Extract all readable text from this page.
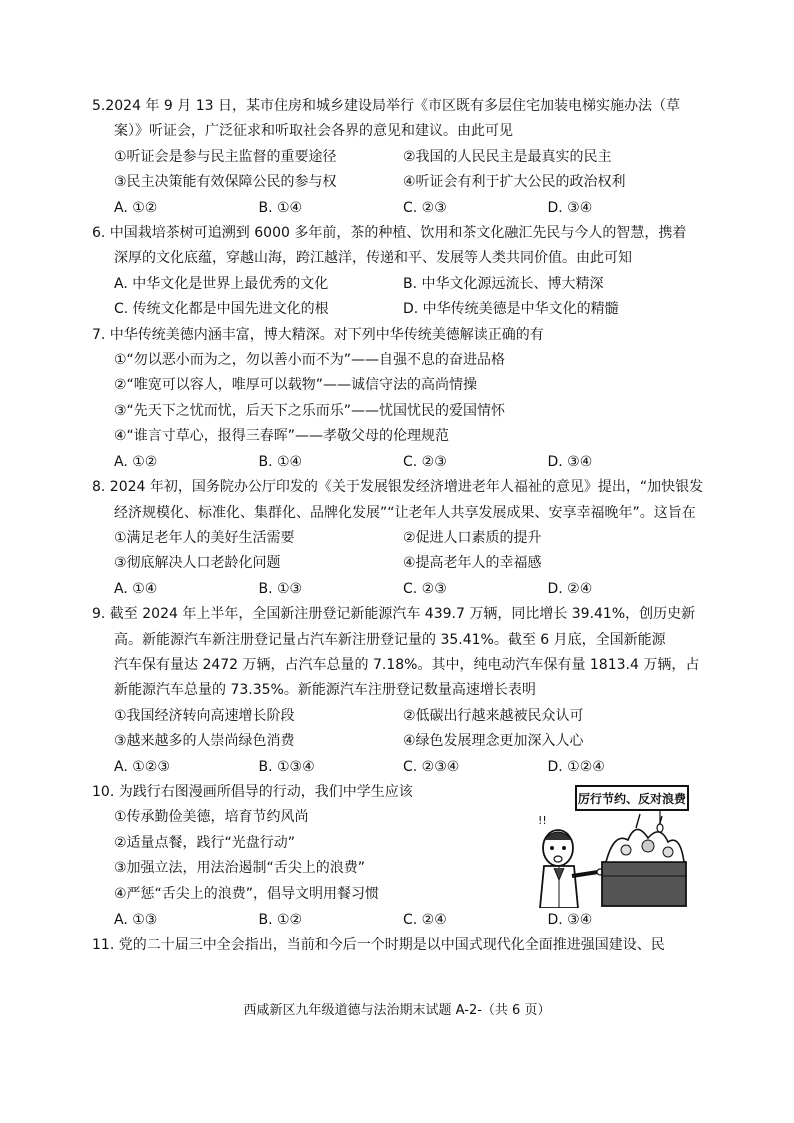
5.2024 年 9 月 13 日，某市住房和城乡建设局举行《市区既有多层住宅加装电梯实施办法（草
案）》听证会，广泛征求和听取社会各界的意见和建议。由此可见
①听证会是参与民主监督的重要途径	②我国的人民民主是最真实的民主
③民主决策能有效保障公民的参与权	④听证会有利于扩大公民的政治权利
A. ①②	B. ①④	C. ②③	D. ③④
6. 中国栽培茶树可追溯到 6000 多年前，茶的种植、饮用和茶文化融汇先民与今人的智慧，携着
深厚的文化底蕴，穿越山海，跨江越洋，传递和平、发展等人类共同价值。由此可知
A. 中华文化是世界上最优秀的文化	B. 中华文化源远流长、博大精深
C. 传统文化都是中国先进文化的根	D. 中华传统美德是中华文化的精髓
7. 中华传统美德内涵丰富，博大精深。对下列中华传统美德解读正确的有
①“勿以恶小而为之，勿以善小而不为”——自强不息的奋进品格
②“唯宽可以容人，唯厚可以载物”——诚信守法的高尚情操
③“先天下之忧而忧，后天下之乐而乐”——忧国忧民的爱国情怀
④“谁言寸草心，报得三春晖”——孝敬父母的伦理规范
A. ①②	B. ①④	C. ②③	D. ③④
8. 2024 年初，国务院办公厅印发的《关于发展银发经济增进老年人福祉的意见》提出，“加快银发
经济规模化、标准化、集群化、品牌化发展”“让老年人共享发展成果、安享幸福晚年”。这旨在
①满足老年人的美好生活需要	②促进人口素质的提升
③彻底解决人口老龄化问题	④提高老年人的幸福感
A. ①④	B. ①③	C. ②③	D. ②④
9. 截至 2024 年上半年，全国新注册登记新能源汽车 439.7 万辆，同比增长 39.41%，创历史新
高。新能源汽车新注册登记量占汽车新注册登记量的 35.41%。截至 6 月底，全国新能源
汽车保有量达 2472 万辆，占汽车总量的 7.18%。其中，纯电动汽车保有量 1813.4 万辆，占
新能源汽车总量的 73.35%。新能源汽车注册登记数量高速增长表明
①我国经济转向高速增长阶段	②低碳出行越来越被民众认可
③越来越多的人崇尚绿色消费	④绿色发展理念更加深入人心
A. ①②③	B. ①③④	C. ②③④	D. ①②④
10. 为践行右图漫画所倡导的行动，我们中学生应该
①传承勤俭美德，培育节约风尚
②适量点餐，践行“光盘行动”
③加强立法，用法治遏制“舌尖上的浪费”
④严惩“舌尖上的浪费”，倡导文明用餐习惯
厉行节约、反对浪费
!!
A. ①③	B. ①②	C. ②④	D. ③④
11. 党的二十届三中全会指出，当前和今后一个时期是以中国式现代化全面推进强国建设、民
西咸新区九年级道德与法治期末试题 A-2-（共 6 页）
